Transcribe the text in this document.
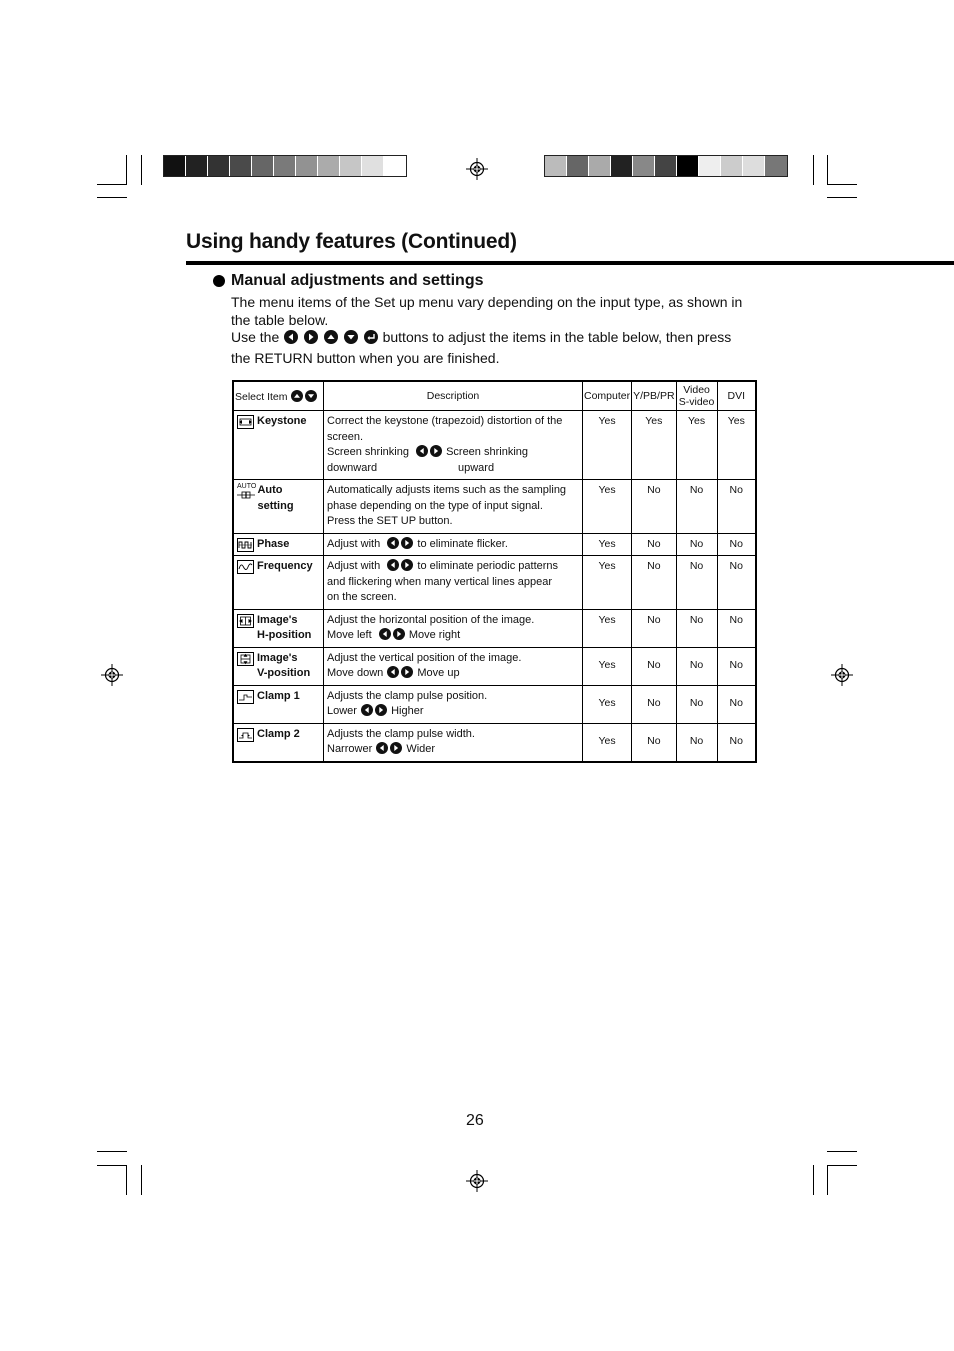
Using handy features (Continued)
Manual adjustments and settings
The menu items of the Set up menu vary depending on the input type, as shown in
the table below.
Use the

	buttons to adjust the items in the table below, then press
the RETURN button when you are finished.
Select Item	Description	Computer	Y/PB/PR	Video
S-video	DVI

Keystone	Correct the keystone (trapezoid) distortion of the
screen.
Screen shrinking Screen shrinking
downward upward	Yes	Yes	Yes	Yes

AUTO Auto setting	Automatically adjusts items such as the sampling
phase depending on the type of input signal.
Press the SET UP button.	Yes	No	No	No

Phase	Adjust with to eliminate flicker.	Yes	No	No	No

Frequency	Adjust with to eliminate periodic patterns
and flickering when many vertical lines appear
on the screen.	Yes	No	No	No

Image's
H-position	Adjust the horizontal position of the image.
Move left Move right	Yes	No	No	No

Image's
V-position	Adjust the vertical position of the image.
Move down Move up	Yes	No	No	No

Clamp 1	Adjusts the clamp pulse position.
Lower Higher	Yes	No	No	No

Clamp 2	Adjusts the clamp pulse width.
Narrower Wider	Yes	No	No	No
26
